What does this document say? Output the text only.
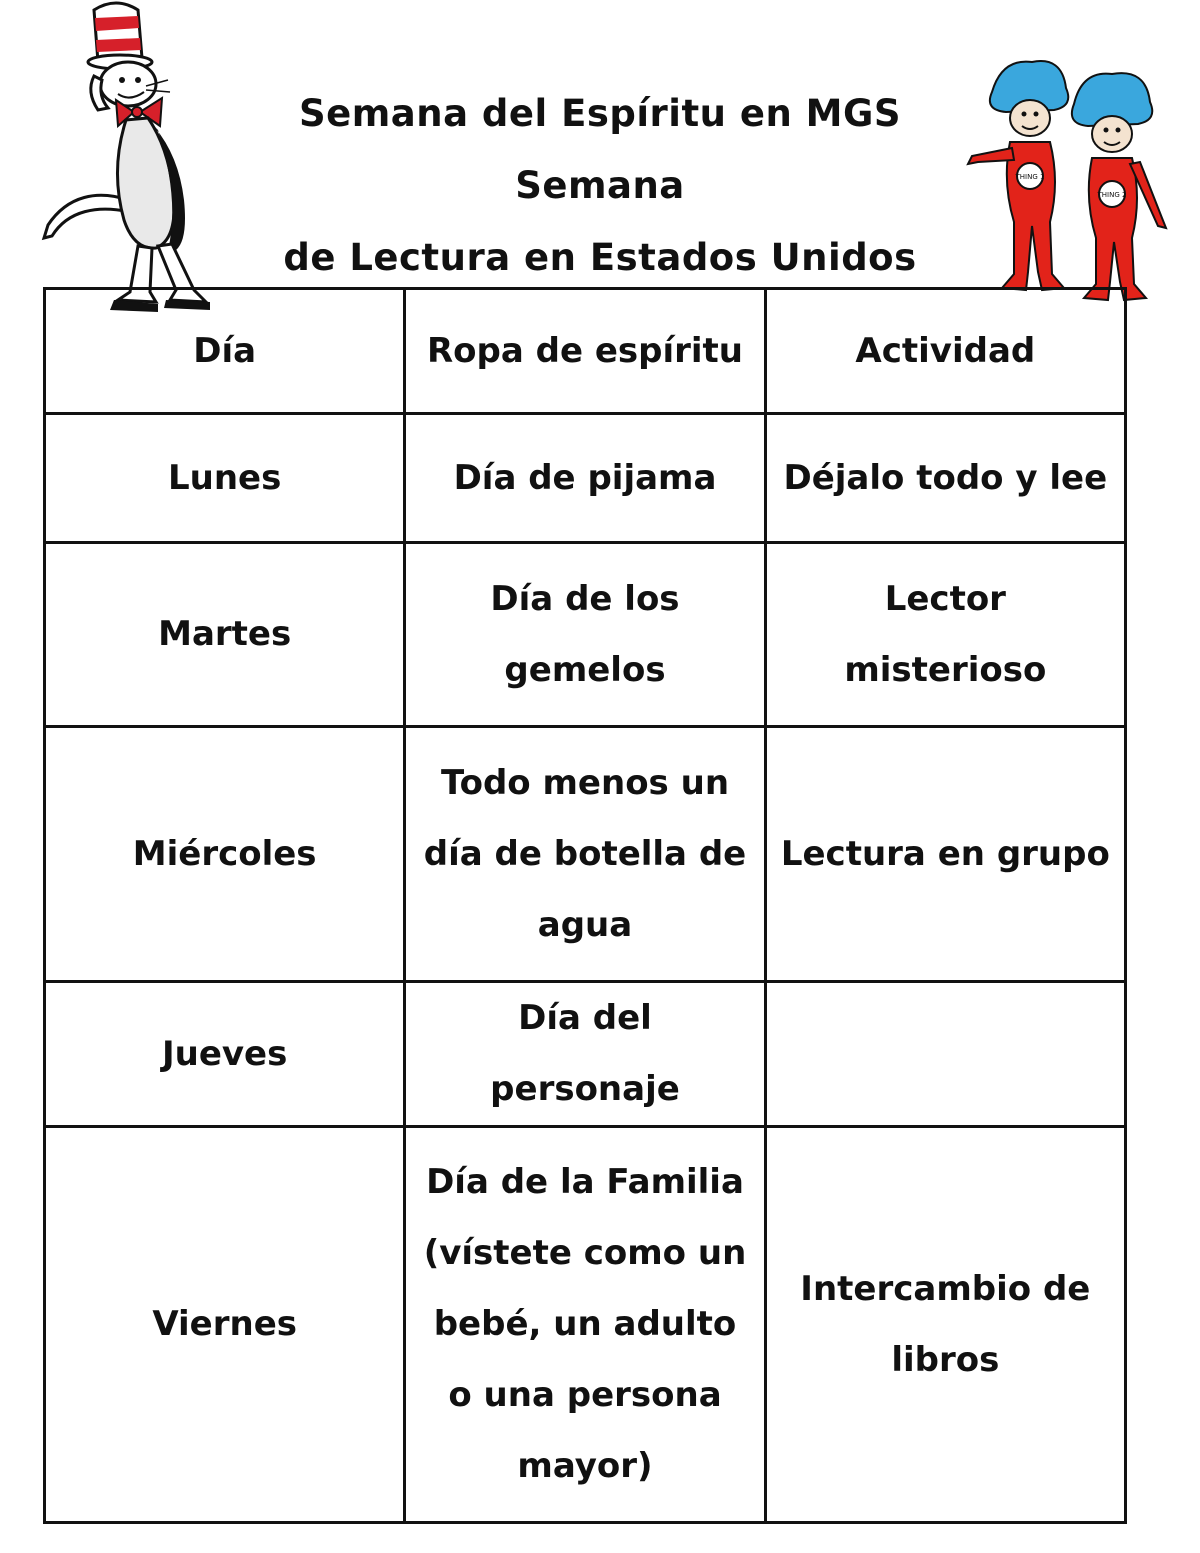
Semana del Espíritu en MGS Semana
de Lectura en Estados Unidos
THING 1
THING 2
Día	Ropa de espíritu	Actividad
Lunes	Día de pijama	Déjalo todo y lee
Martes	Día de los gemelos	Lector misterioso
Miércoles	Todo menos un día de botella de agua	Lectura en grupo
Jueves	Día del personaje	
Viernes	Día de la Familia (vístete como un bebé, un adulto o una persona mayor)	Intercambio de libros
